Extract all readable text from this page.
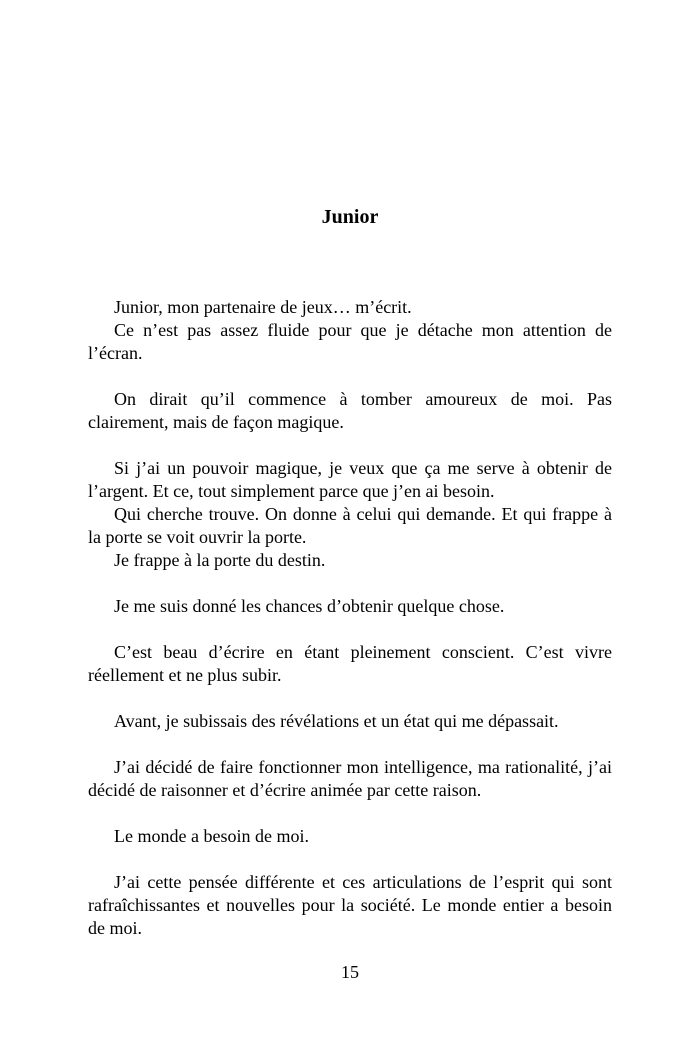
Junior

Junior, mon partenaire de jeux… m’écrit.

Ce n’est pas assez fluide pour que je détache mon attention de l’écran.

On dirait qu’il commence à tomber amoureux de moi. Pas clairement, mais de façon magique.

Si j’ai un pouvoir magique, je veux que ça me serve à obtenir de l’argent. Et ce, tout simplement parce que j’en ai besoin.

Qui cherche trouve. On donne à celui qui demande. Et qui frappe à la porte se voit ouvrir la porte.

Je frappe à la porte du destin.

Je me suis donné les chances d’obtenir quelque chose.

C’est beau d’écrire en étant pleinement conscient. C’est vivre réellement et ne plus subir.

Avant, je subissais des révélations et un état qui me dépassait.

J’ai décidé de faire fonctionner mon intelligence, ma rationalité, j’ai décidé de raisonner et d’écrire animée par cette raison.

Le monde a besoin de moi.

J’ai cette pensée différente et ces articulations de l’esprit qui sont rafraîchissantes et nouvelles pour la société. Le monde entier a besoin de moi.

15
